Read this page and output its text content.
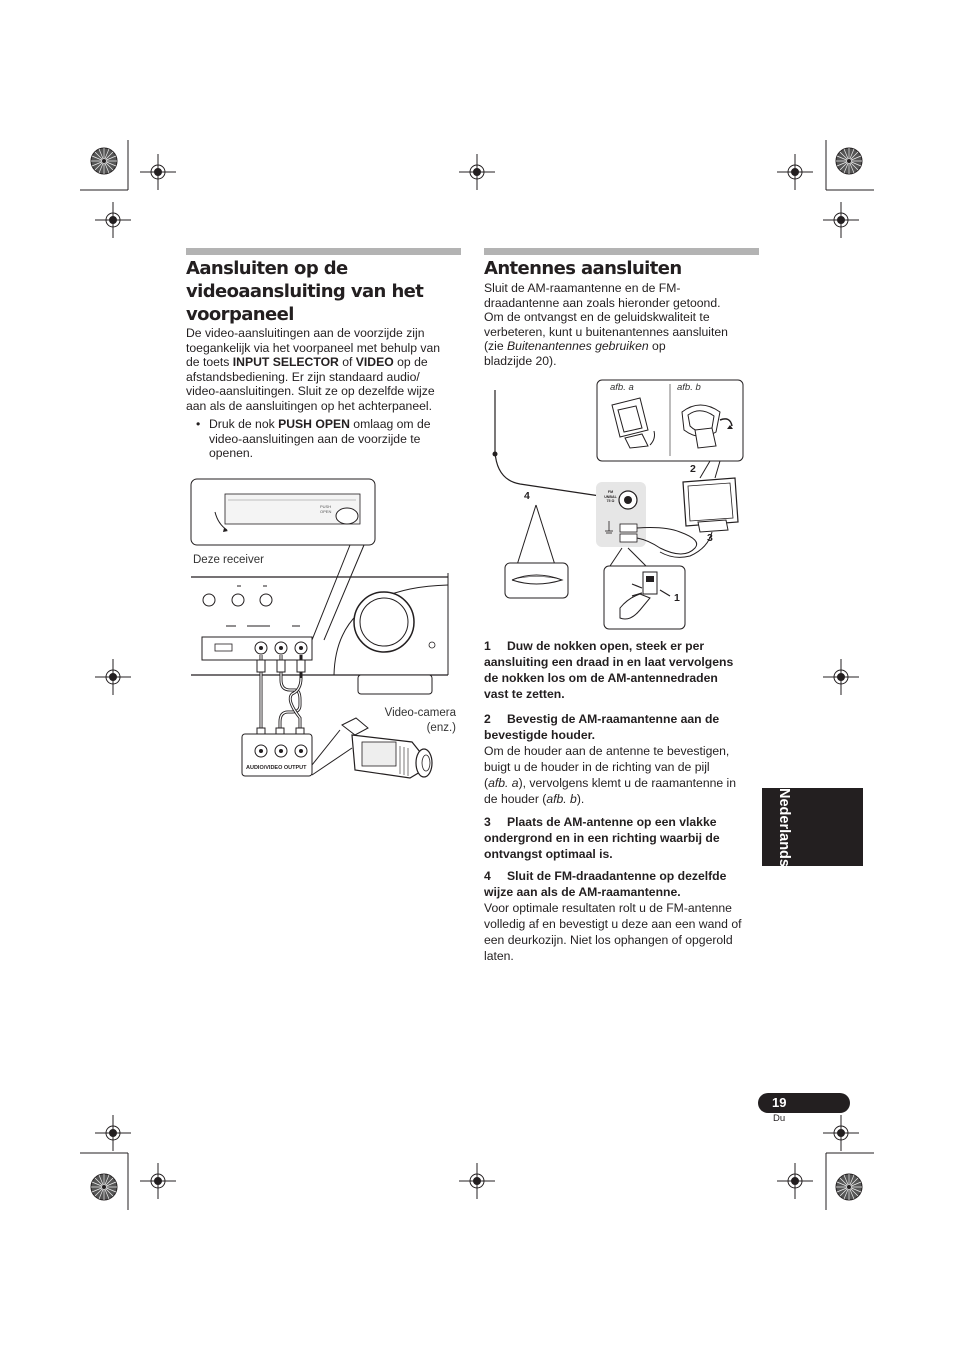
Aansluiten op de
videoaansluiting van het
voorpaneel
De video-aansluitingen aan de voorzijde zijn
toegankelijk via het voorpaneel met behulp van
de toets INPUT SELECTOR of VIDEO op de
afstandsbediening. Er zijn standaard audio/
video-aansluitingen. Sluit ze op dezelfde wijze
aan als de aansluitingen op het achterpaneel.
• Druk de nok PUSH OPEN omlaag om de
video-aansluitingen aan de voorzijde te
openen.
PUSH OPEN
Deze receiver
AUDIO/VIDEO OUTPUT
Video-camera
(enz.)
Antennes aansluiten
Sluit de AM-raamantenne en de FM-
draadantenne aan zoals hieronder getoond.
Om de ontvangst en de geluidskwaliteit te
verbeteren, kunt u buitenantennes aansluiten
(zie Buitenantennes gebruiken op
bladzijde 20).
afb. a	afb. b
FM UNBAL 75 Ω
1
2
3
4
1 Duw de nokken open, steek er per
aansluiting een draad in en laat vervolgens
de nokken los om de AM-antennedraden
vast te zetten.
2 Bevestig de AM-raamantenne aan de
bevestigde houder.
Om de houder aan de antenne te bevestigen,
buigt u de houder in de richting van de pijl
(afb. a), vervolgens klemt u de raamantenne in
de houder (afb. b).
3 Plaats de AM-antenne op een vlakke
ondergrond en in een richting waarbij de
ontvangst optimaal is.
4 Sluit de FM-draadantenne op dezelfde
wijze aan als de AM-raamantenne.
Voor optimale resultaten rolt u de FM-antenne
volledig af en bevestigt u deze aan een wand of
een deurkozijn. Niet los ophangen of opgerold
laten.
Nederlands
19
Du
